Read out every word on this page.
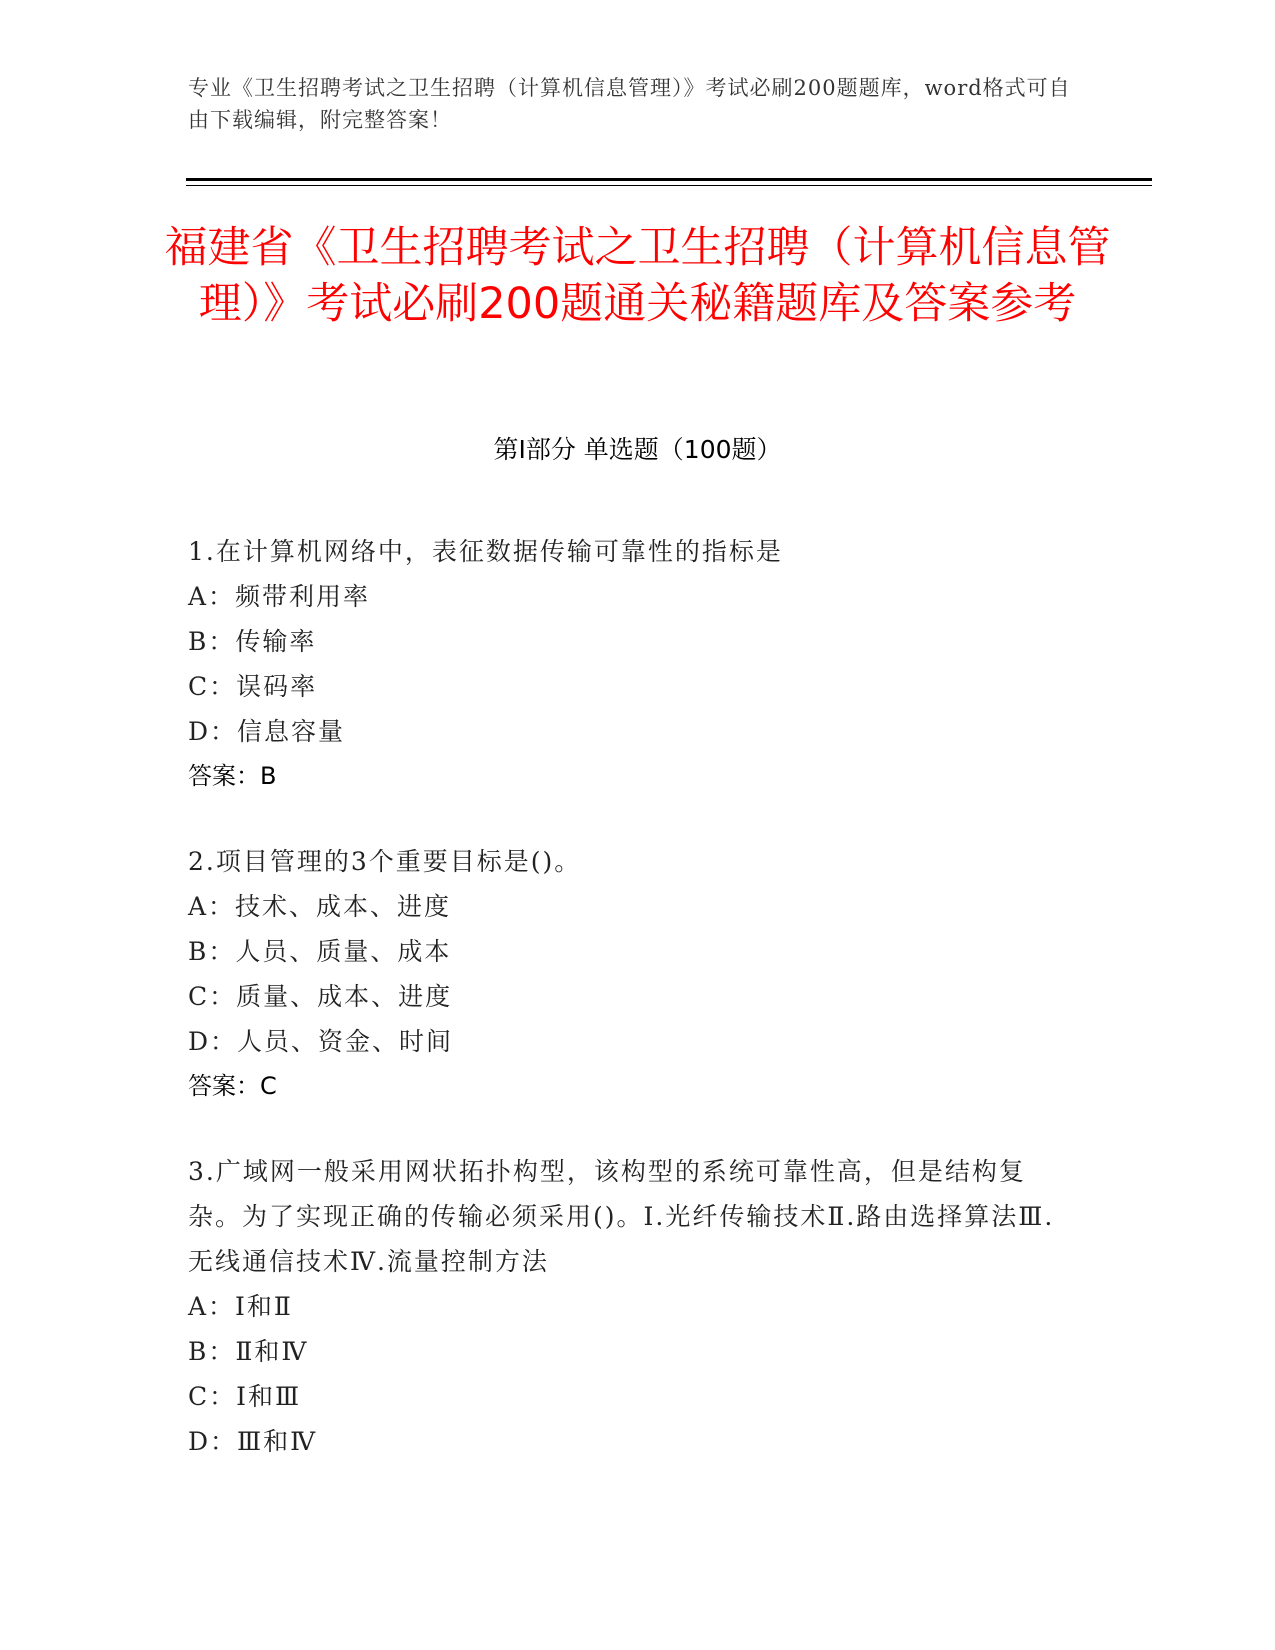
专业《卫生招聘考试之卫生招聘（计算机信息管理）》考试必刷200题题库，word格式可自由下载编辑，附完整答案！
福建省《卫生招聘考试之卫生招聘（计算机信息管理）》考试必刷200题通关秘籍题库及答案参考
第I部分 单选题（100题）
1.在计算机网络中，表征数据传输可靠性的指标是
A：频带利用率
B：传输率
C：误码率
D：信息容量
答案：B
2.项目管理的3个重要目标是()。
A：技术、成本、进度
B：人员、质量、成本
C：质量、成本、进度
D：人员、资金、时间
答案：C
3.广域网一般采用网状拓扑构型，该构型的系统可靠性高，但是结构复杂。为了实现正确的传输必须采用()。Ⅰ.光纤传输技术Ⅱ.路由选择算法Ⅲ.无线通信技术Ⅳ.流量控制方法
A：Ⅰ和Ⅱ
B：Ⅱ和Ⅳ
C：Ⅰ和Ⅲ
D：Ⅲ和Ⅳ
